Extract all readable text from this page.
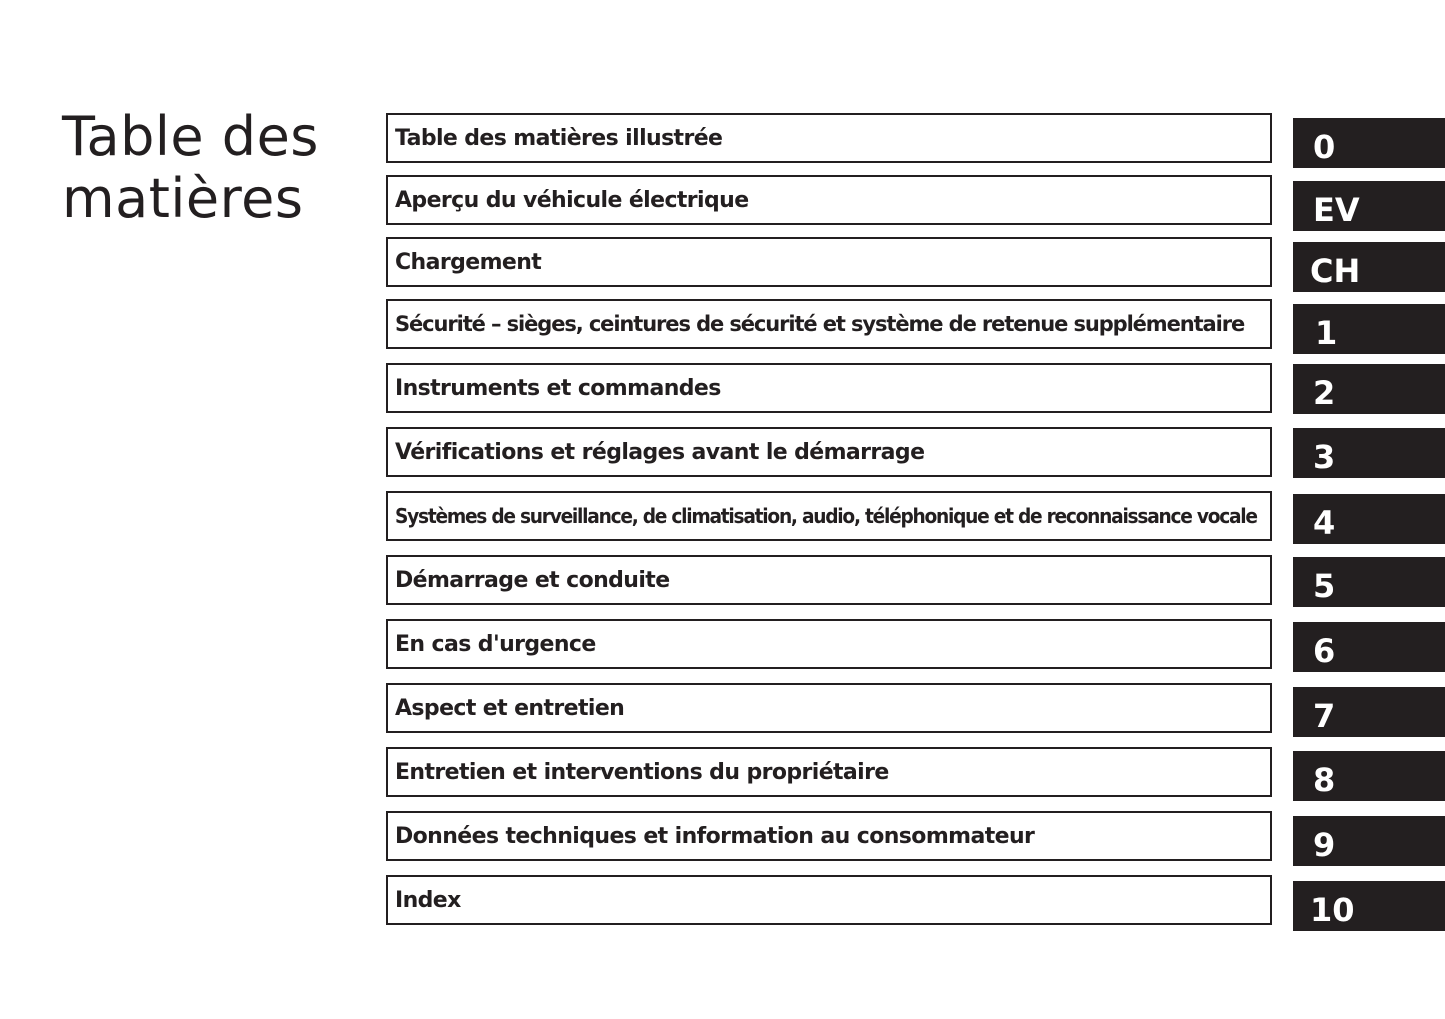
Table des
matières
Table des matières illustrée	0
Aperçu du véhicule électrique	EV
Chargement	CH
Sécurité – sièges, ceintures de sécurité et système de retenue supplémentaire 1
Instruments et commandes	2
Vérifications et réglages avant le démarrage	3
Systèmes de surveillance, de climatisation, audio, téléphonique et de reconnaissance vocale 4
Démarrage et conduite	5
En cas d'urgence	6
Aspect et entretien	7
Entretien et interventions du propriétaire	8
Données techniques et information au consommateur	9
Index	10
